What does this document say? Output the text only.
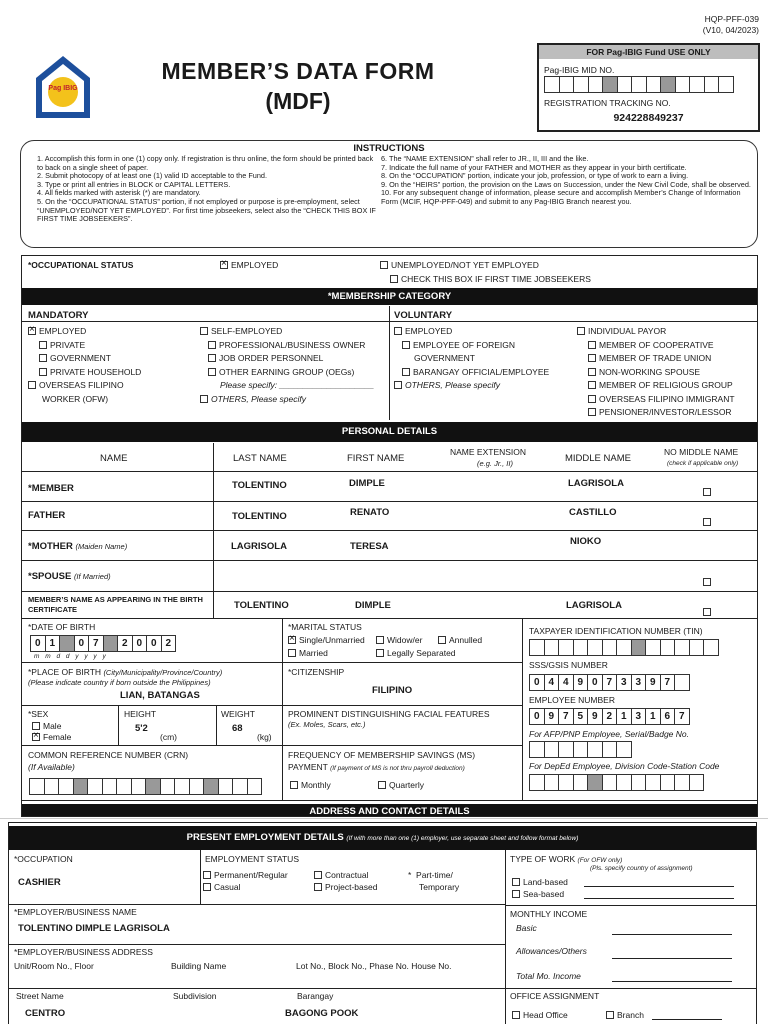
HQP-PFF-039
(V10, 04/2023)
Pag IBIG
MEMBER’S DATA FORM
(MDF)
FOR Pag-IBIG Fund USE ONLY
Pag-IBIG MID NO.
REGISTRATION TRACKING NO.
924228849237
INSTRUCTIONS
1. Accomplish this form in one (1) copy only. If registration is thru online, the form should be printed back to back on a single sheet of paper.
2. Submit photocopy of at least one (1) valid ID acceptable to the Fund.
3. Type or print all entries in BLOCK or CAPITAL LETTERS.
4. All fields marked with asterisk (*) are mandatory.
5. On the “OCCUPATIONAL STATUS” portion, if not employed or purpose is pre-employment, select “UNEMPLOYED/NOT YET EMPLOYED”. For first time jobseekers, select also the “CHECK THIS BOX IF FIRST TIME JOBSEEKERS”.
6. The “NAME EXTENSION” shall refer to JR., II, III and the like.
7. Indicate the full name of your FATHER and MOTHER as they appear in your birth certificate.
8. On the “OCCUPATION” portion, indicate your job, profession, or type of work to earn a living.
9. On the “HEIRS” portion, the provision on the Laws on Succession, under the New Civil Code, shall be observed.
10. For any subsequent change of information, please secure and accomplish Member’s Change of Information Form (MCIF, HQP-PFF-049) and submit to any Pag-IBIG Branch nearest you.
*OCCUPATIONAL STATUS
×	EMPLOYED	UNEMPLOYED/NOT YET EMPLOYED
CHECK THIS BOX IF FIRST TIME JOBSEEKERS
*MEMBERSHIP CATEGORY
MANDATORY	VOLUNTARY
×EMPLOYED
PRIVATE
GOVERNMENT
PRIVATE HOUSEHOLD
OVERSEAS FILIPINO
WORKER (OFW)
SELF-EMPLOYED
PROFESSIONAL/BUSINESS OWNER
JOB ORDER PERSONNEL
OTHER EARNING GROUP (OEGs)
Please specify: ____________________
OTHERS, Please specify
EMPLOYED
EMPLOYEE OF FOREIGN
GOVERNMENT
BARANGAY OFFICIAL/EMPLOYEE
OTHERS, Please specify
INDIVIDUAL PAYOR
MEMBER OF COOPERATIVE
MEMBER OF TRADE UNION
NON-WORKING SPOUSE
MEMBER OF RELIGIOUS GROUP
OVERSEAS FILIPINO IMMIGRANT
PENSIONER/INVESTOR/LESSOR
PERSONAL DETAILS
NAME	LAST NAME	FIRST NAME
NAME EXTENSION
(e.g. Jr., II)	MIDDLE NAME
NO MIDDLE NAME
(check if applicable only)
*MEMBER	TOLENTINO	DIMPLE	LAGRISOLA
FATHER	TOLENTINO	RENATO	CASTILLO
*MOTHER (Maiden Name)	LAGRISOLA	TERESA	NIOKO
*SPOUSE (If Married)
MEMBER’S NAME AS APPEARING IN THE BIRTH CERTIFICATE	TOLENTINO	DIMPLE	LAGRISOLA
*DATE OF BIRTH
0 1	0 7	2 0 0 2
m m d d y y y y
*MARITAL STATUS
×Single/Unmarried	Widow/er	Annulled
Married	Legally Separated
TAXPAYER IDENTIFICATION NUMBER (TIN)
*PLACE OF BIRTH (City/Municipality/Province/Country)
(Please indicate country if born outside the Philippines)
LIAN, BATANGAS
*CITIZENSHIP
FILIPINO
SSS/GSIS NUMBER
0 4 4 9 0 7 3 3 9 7
EMPLOYEE NUMBER
0 9 7 5 9 2 1 3 1 6 7
For AFP/PNP Employee, Serial/Badge No.
For DepEd Employee, Division Code-Station Code
*SEX
Male
×Female
HEIGHT
5'2
(cm)
WEIGHT
68
(kg)
PROMINENT DISTINGUISHING FACIAL FEATURES
(Ex. Moles, Scars, etc.)
COMMON REFERENCE NUMBER (CRN)
(If Available)
FREQUENCY OF MEMBERSHIP SAVINGS (MS)
PAYMENT (If payment of MS is not thru payroll deduction)
Monthly	Quarterly
ADDRESS AND CONTACT DETAILS
PRESENT EMPLOYMENT DETAILS (If with more than one (1) employer, use separate sheet and follow format below)
*OCCUPATION
CASHIER
EMPLOYMENT STATUS
Permanent/Regular	Contractual	*  Part-time/
Casual	Project-based	Temporary
TYPE OF WORK (For OFW only)
(Pls. specify country of assignment)
Land-based
Sea-based
*EMPLOYER/BUSINESS NAME
TOLENTINO DIMPLE LAGRISOLA
MONTHLY INCOME
Basic
Allowances/Others
Total Mo. Income
*EMPLOYER/BUSINESS ADDRESS
Unit/Room No., Floor	Building Name	Lot No., Block No., Phase No. House No.
Street Name	Subdivision	Barangay
CENTRO	BAGONG POOK
OFFICE ASSIGNMENT
Head Office	Branch
